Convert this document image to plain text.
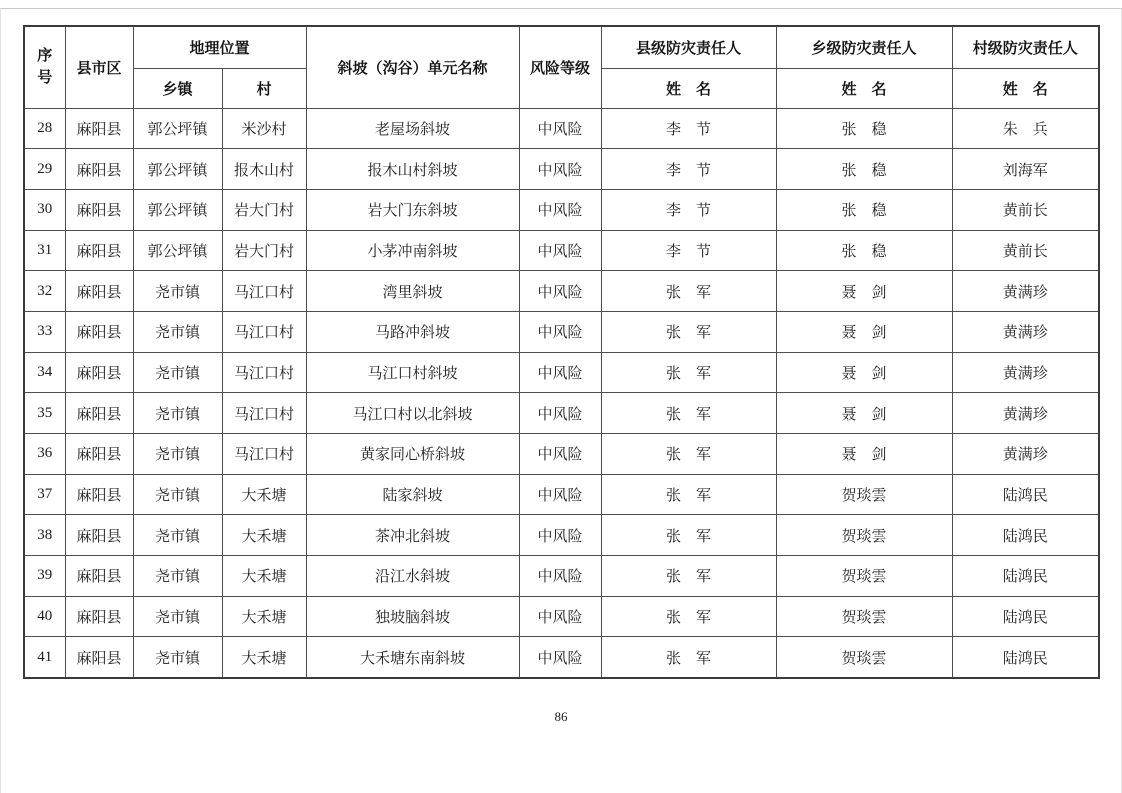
序号	县市区	地理位置		斜坡（沟谷）单元名称	风险等级	县级防灾责任人	乡级防灾责任人	村级防灾责任人
		乡镇	村			姓　名	姓　名	姓　名
28	麻阳县	郭公坪镇	米沙村	老屋场斜坡	中风险	李　节	张　稳	朱　兵
29	麻阳县	郭公坪镇	报木山村	报木山村斜坡	中风险	李　节	张　稳	刘海军
30	麻阳县	郭公坪镇	岩大门村	岩大门东斜坡	中风险	李　节	张　稳	黄前长
31	麻阳县	郭公坪镇	岩大门村	小茅冲南斜坡	中风险	李　节	张　稳	黄前长
32	麻阳县	尧市镇	马江口村	湾里斜坡	中风险	张　军	聂　剑	黄满珍
33	麻阳县	尧市镇	马江口村	马路冲斜坡	中风险	张　军	聂　剑	黄满珍
34	麻阳县	尧市镇	马江口村	马江口村斜坡	中风险	张　军	聂　剑	黄满珍
35	麻阳县	尧市镇	马江口村	马江口村以北斜坡	中风险	张　军	聂　剑	黄满珍
36	麻阳县	尧市镇	马江口村	黄家同心桥斜坡	中风险	张　军	聂　剑	黄满珍
37	麻阳县	尧市镇	大禾塘	陆家斜坡	中风险	张　军	贺琰雲	陆鸿民
38	麻阳县	尧市镇	大禾塘	茶冲北斜坡	中风险	张　军	贺琰雲	陆鸿民
39	麻阳县	尧市镇	大禾塘	沿江水斜坡	中风险	张　军	贺琰雲	陆鸿民
40	麻阳县	尧市镇	大禾塘	独坡脑斜坡	中风险	张　军	贺琰雲	陆鸿民
41	麻阳县	尧市镇	大禾塘	大禾塘东南斜坡	中风险	张　军	贺琰雲	陆鸿民
86
